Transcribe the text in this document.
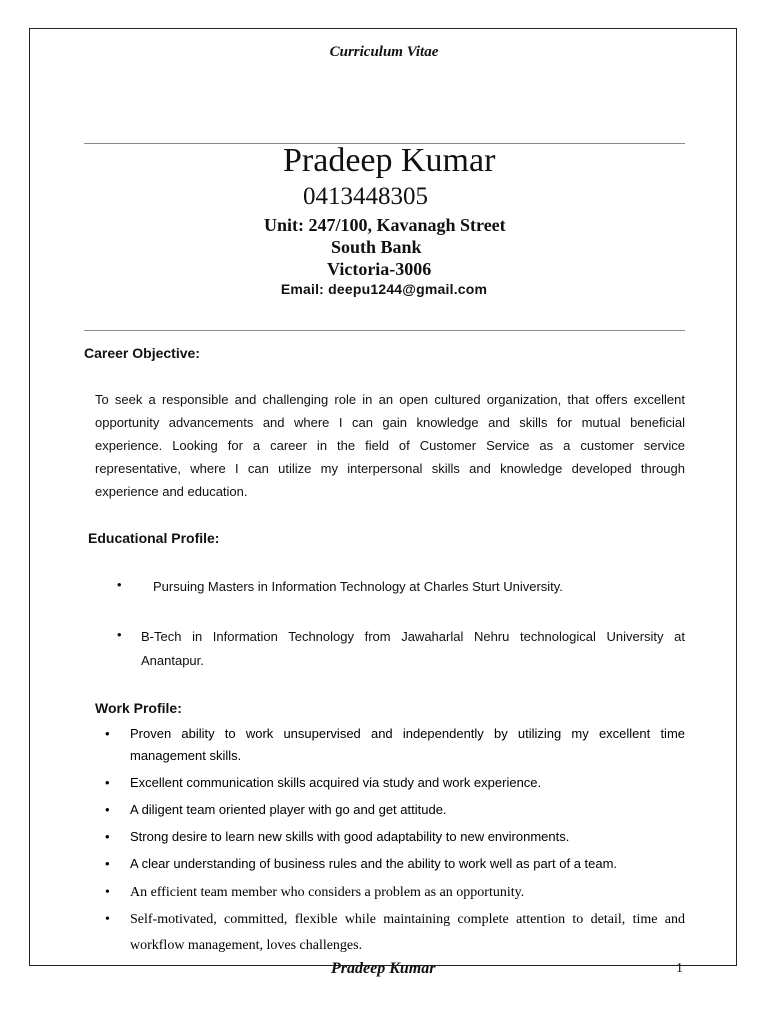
Curriculum Vitae
Pradeep Kumar
0413448305
Unit: 247/100, Kavanagh Street
South Bank
Victoria-3006
Email: deepu1244@gmail.com
Career Objective:
To seek a responsible and challenging role in an open cultured organization, that offers excellent opportunity advancements and where I can gain knowledge and skills for mutual beneficial experience. Looking for a career in the field of Customer Service as a customer service representative, where I can utilize my interpersonal skills and knowledge developed through experience and education.
Educational Profile:
• Pursuing Masters in Information Technology at Charles Sturt University.
• B-Tech in Information Technology from Jawaharlal Nehru technological University at Anantapur.
Work Profile:
• Proven ability to work unsupervised and independently by utilizing my excellent time management skills.
• Excellent communication skills acquired via study and work experience.
• A diligent team oriented player with go and get attitude.
• Strong desire to learn new skills with good adaptability to new environments.
• A clear understanding of business rules and the ability to work well as part of a team.
• An efficient team member who considers a problem as an opportunity.
• Self-motivated, committed, flexible while maintaining complete attention to detail, time and workflow management, loves challenges.
Pradeep Kumar	1
